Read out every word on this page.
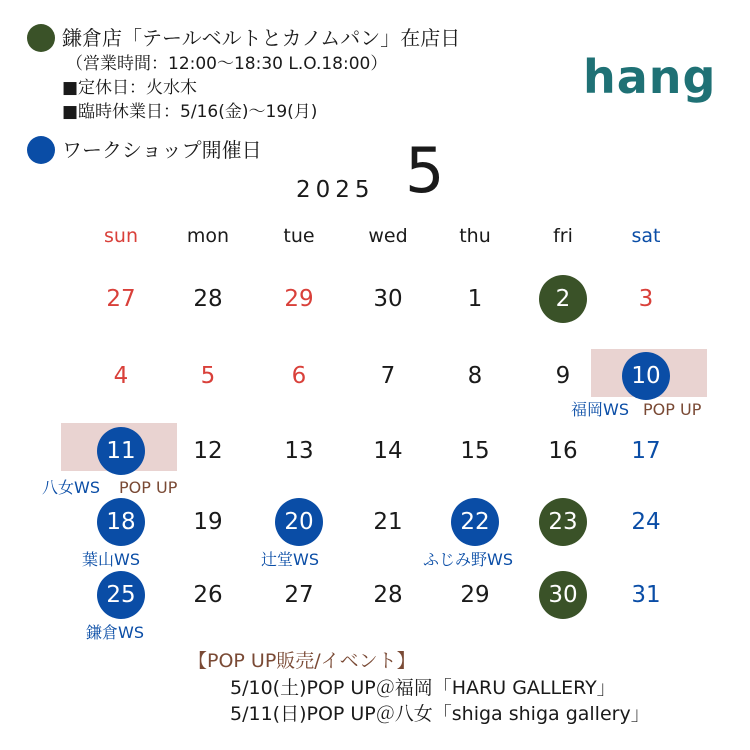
鎌倉店「テールベルトとカノムパン」在店日
（営業時間：12:00〜18:30 L.O.18:00）
■定休日：火水木
■臨時休業日：5/16(金)〜19(月)
ワークショップ開催日
hang
2025 5
sun	mon	tue	wed	thu	fri	sat
27	28	29	30	1	2	3
4	5	6	7	8	9	10
11	12	13	14	15	16	17
18	19	20	21	22	23	24
25	26	27	28	29	30	31
福岡WS POP UP
八女WS POP UP
葉山WS	辻堂WS	ふじみ野WS
鎌倉WS
【POP UP販売/イベント】
5/10(土)POP UP＠福岡「HARU GALLERY」
5/11(日)POP UP＠八女「shiga shiga gallery」
